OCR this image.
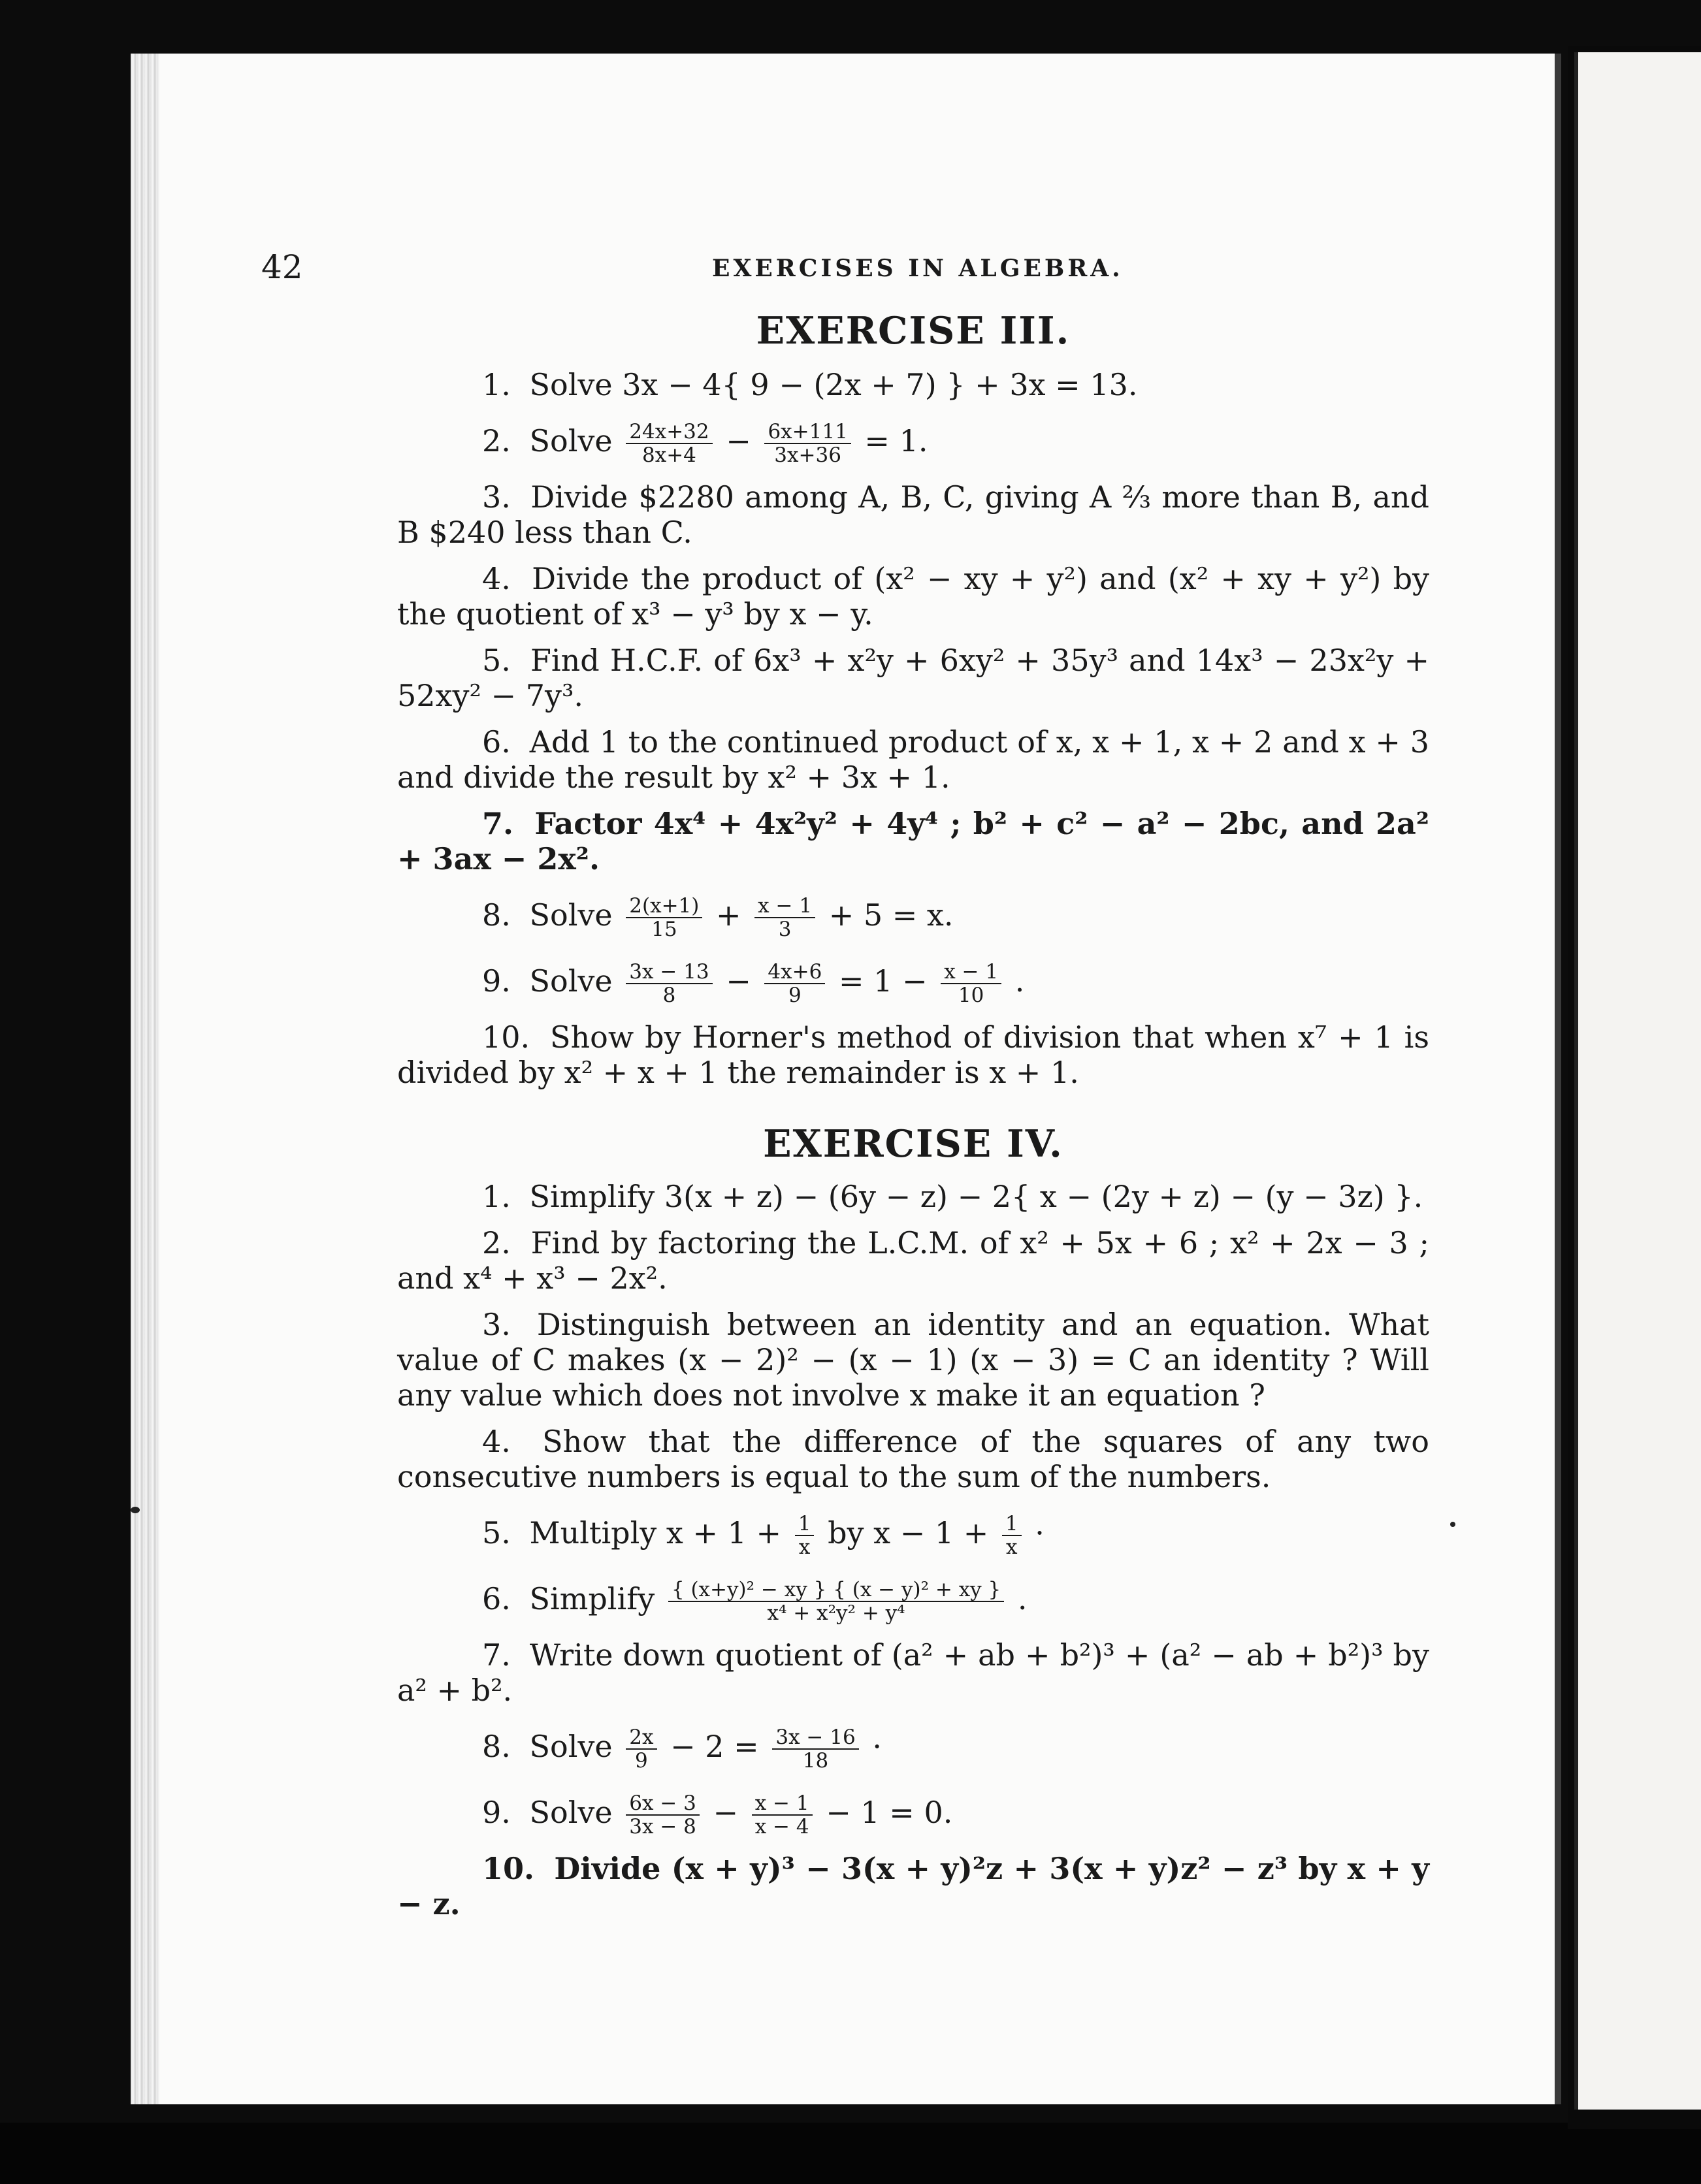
42	EXERCISES IN ALGEBRA.
EXERCISE III.

1. Solve 3x − 4{ 9 − (2x + 7) } + 3x = 13.

2. Solve $\frac{24x+32}{8x+4} - \frac{6x+111}{3x+36} = 1$.

3. Divide $2280 among A, B, C, giving A ⅔ more than B, and B $240 less than C.

4. Divide the product of (x² − xy + y²) and (x² + xy + y²) by the quotient of x³ − y³ by x − y.

5. Find H.C.F. of 6x³ + x²y + 6xy² + 35y³ and 14x³ − 23x²y + 52xy² − 7y³.

6. Add 1 to the continued product of x, x + 1, x + 2 and x + 3 and divide the result by x² + 3x + 1.

7. Factor 4x⁴ + 4x²y² + 4y⁴ ; b² + c² − a² − 2bc, and 2a² + 3ax − 2x².

8. Solve $\frac{2(x+1)}{15} + \frac{x - 1}{3} + 5 = x$.

9. Solve $\frac{3x - 13}{8} - \frac{4x+6}{9} = 1 - \frac{x - 1}{10}$ .

10. Show by Horner's method of division that when x⁷ + 1 is divided by x² + x + 1 the remainder is x + 1.

EXERCISE IV.

1. Simplify 3(x + z) − (6y − z) − 2{ x − (2y + z) − (y − 3z) }.

2. Find by factoring the L.C.M. of x² + 5x + 6 ; x² + 2x − 3 ; and x⁴ + x³ − 2x².

3. Distinguish between an identity and an equation. What value of C makes (x − 2)² − (x − 1) (x − 3) = C an identity ? Will any value which does not involve x make it an equation ?

4. Show that the difference of the squares of any two consecutive numbers is equal to the sum of the numbers.

5. Multiply $x + 1 + \frac{1}{x}$ by $x - 1 + \frac{1}{x}$ ·

6. Simplify $\frac{\text{\{ (x+y)² − xy \} \{ (x − y)² + xy \}}}{\text{x⁴ + x²y² + y⁴}}$ .

7. Write down quotient of (a² + ab + b²)³ + (a² − ab + b²)³ by a² + b².

8. Solve $\frac{2x}{9} - 2 = \frac{3x - 16}{18}$ ·

9. Solve $\frac{6x - 3}{3x - 8} - \frac{x - 1}{x - 4} - 1 = 0$.

10. Divide (x + y)³ − 3(x + y)²z + 3(x + y)z² − z³ by x + y − z.
